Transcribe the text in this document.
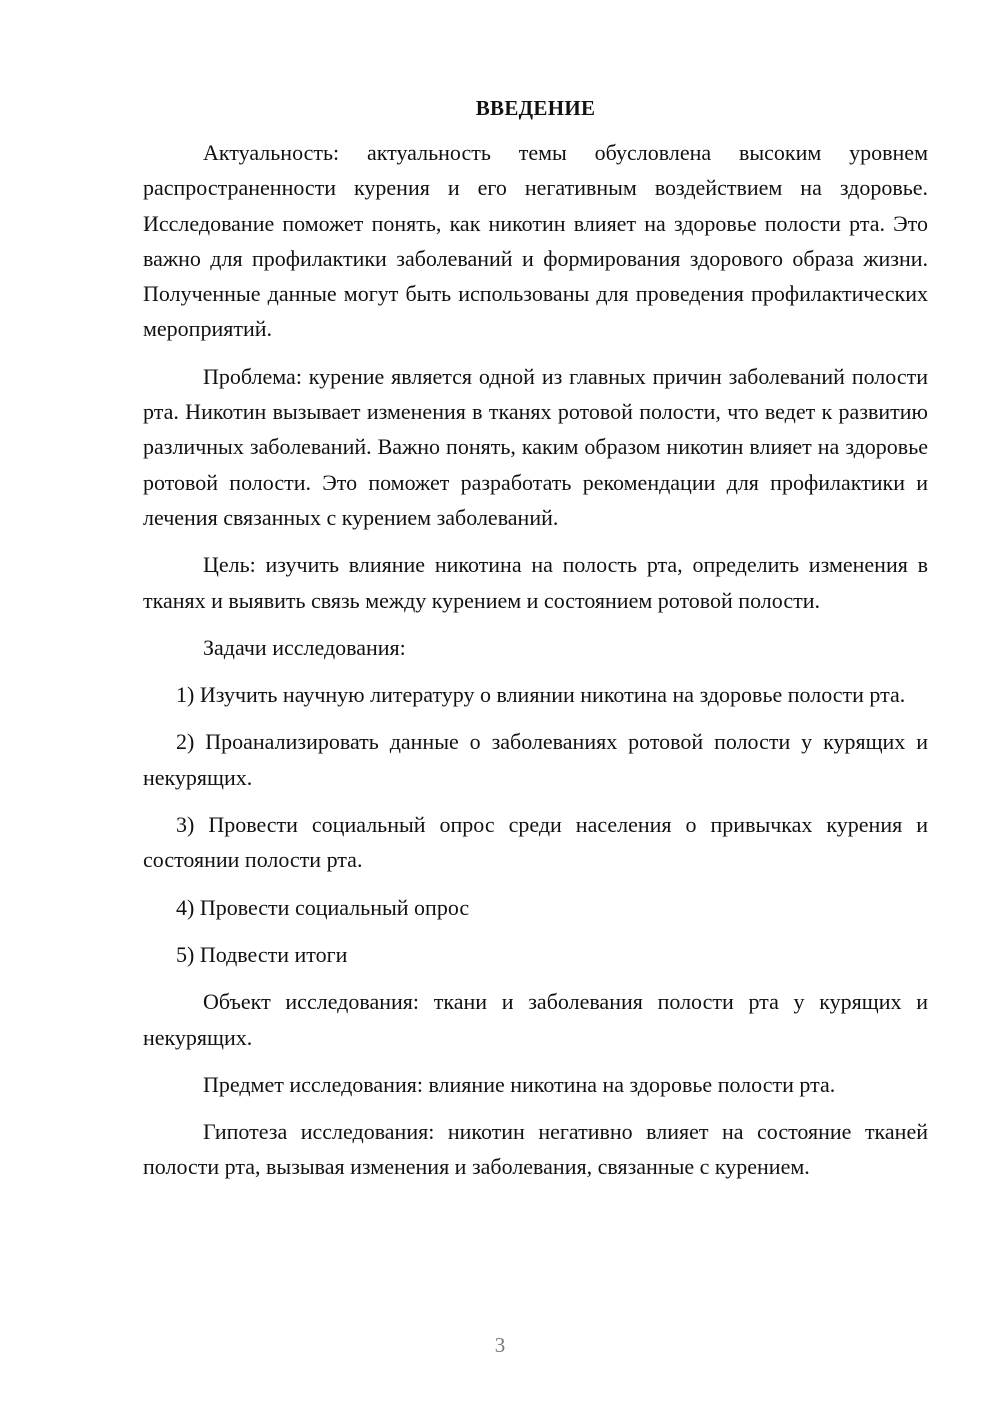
ВВЕДЕНИЕ

Актуальность: актуальность темы обусловлена высоким уровнем распространенности курения и его негативным воздействием на здоровье. Исследование поможет понять, как никотин влияет на здоровье полости рта. Это важно для профилактики заболеваний и формирования здорового образа жизни. Полученные данные могут быть использованы для проведения профилактических мероприятий.

Проблема: курение является одной из главных причин заболеваний полости рта. Никотин вызывает изменения в тканях ротовой полости, что ведет к развитию различных заболеваний. Важно понять, каким образом никотин влияет на здоровье ротовой полости. Это поможет разработать рекомендации для профилактики и лечения связанных с курением заболеваний.

Цель: изучить влияние никотина на полость рта, определить изменения в тканях и выявить связь между курением и состоянием ротовой полости.

Задачи исследования:

1) Изучить научную литературу о влиянии никотина на здоровье полости рта.

2) Проанализировать данные о заболеваниях ротовой полости у курящих и некурящих.

3) Провести социальный опрос среди населения о привычках курения и состоянии полости рта.

4) Провести социальный опрос

5) Подвести итоги

Объект исследования: ткани и заболевания полости рта у курящих и некурящих.

Предмет исследования: влияние никотина на здоровье полости рта.

Гипотеза исследования: никотин негативно влияет на состояние тканей полости рта, вызывая изменения и заболевания, связанные с курением.

3
